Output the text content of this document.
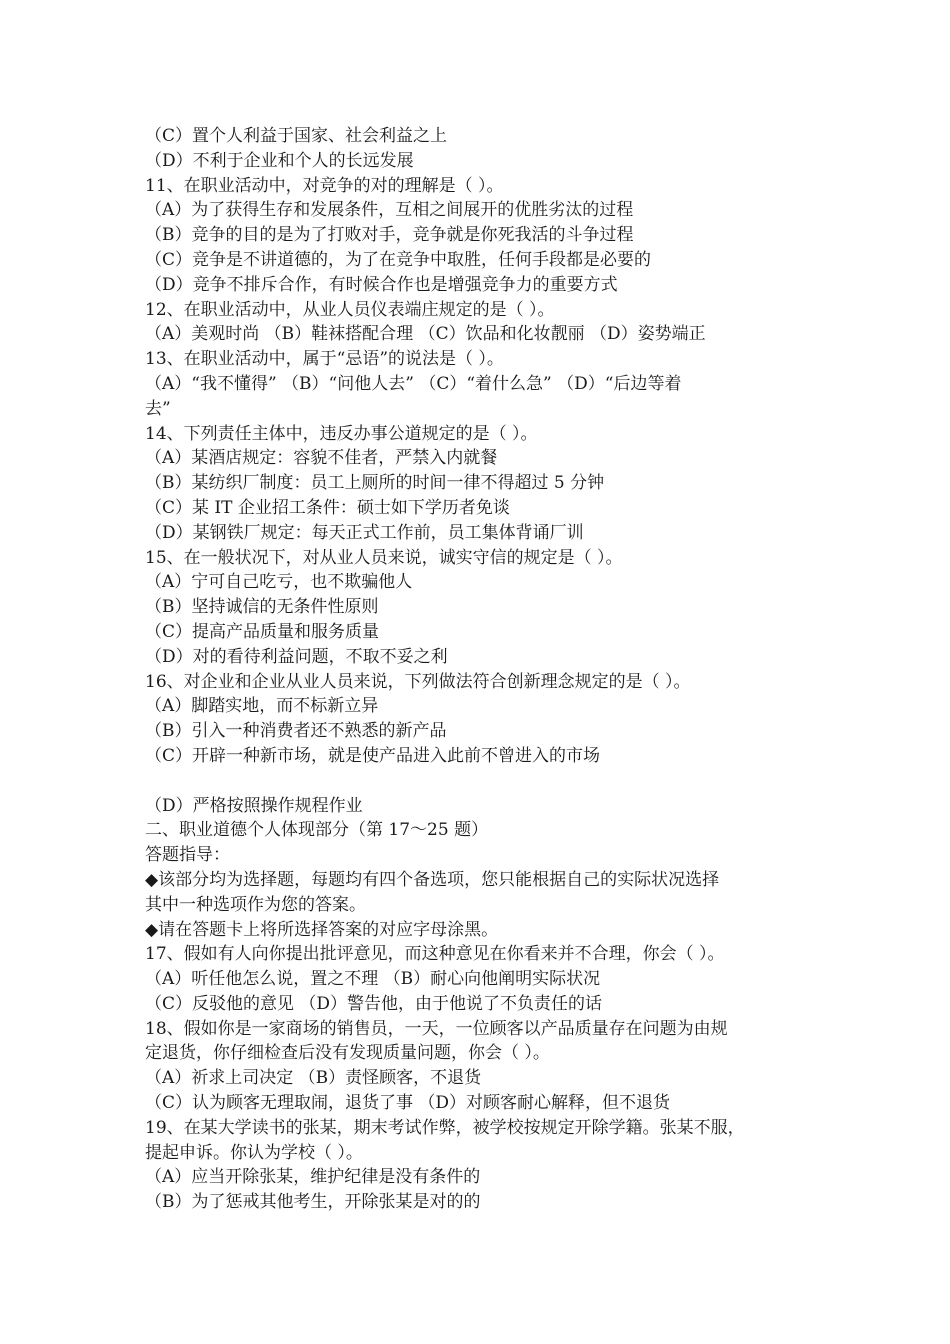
（C）置个人利益于国家、社会利益之上
（D）不利于企业和个人的长远发展
11、在职业活动中，对竞争的对的理解是（ ）。
（A）为了获得生存和发展条件，互相之间展开的优胜劣汰的过程
（B）竞争的目的是为了打败对手，竞争就是你死我活的斗争过程
（C）竞争是不讲道德的，为了在竞争中取胜，任何手段都是必要的
（D）竞争不排斥合作，有时候合作也是增强竞争力的重要方式
12、在职业活动中，从业人员仪表端庄规定的是（ ）。
（A）美观时尚 （B）鞋袜搭配合理 （C）饮品和化妆靓丽 （D）姿势端正
13、在职业活动中，属于“忌语”的说法是（ ）。
（A）“我不懂得” （B）“问他人去” （C）“着什么急” （D）“后边等着
去”
14、下列责任主体中，违反办事公道规定的是（ ）。
（A）某酒店规定：容貌不佳者，严禁入内就餐
（B）某纺织厂制度：员工上厕所的时间一律不得超过 5 分钟
（C）某 IT 企业招工条件：硕士如下学历者免谈
（D）某钢铁厂规定：每天正式工作前，员工集体背诵厂训
15、在一般状况下，对从业人员来说，诚实守信的规定是（ ）。
（A）宁可自己吃亏，也不欺骗他人
（B）坚持诚信的无条件性原则
（C）提高产品质量和服务质量
（D）对的看待利益问题，不取不妥之利
16、对企业和企业从业人员来说，下列做法符合创新理念规定的是（ ）。
（A）脚踏实地，而不标新立异
（B）引入一种消费者还不熟悉的新产品
（C）开辟一种新市场，就是使产品进入此前不曾进入的市场
（D）严格按照操作规程作业
二、职业道德个人体现部分（第 17～25 题）
答题指导：
◆该部分均为选择题，每题均有四个备选项，您只能根据自己的实际状况选择
其中一种选项作为您的答案。
◆请在答题卡上将所选择答案的对应字母涂黑。
17、假如有人向你提出批评意见，而这种意见在你看来并不合理，你会（ ）。
（A）听任他怎么说，置之不理 （B）耐心向他阐明实际状况
（C）反驳他的意见 （D）警告他，由于他说了不负责任的话
18、假如你是一家商场的销售员，一天，一位顾客以产品质量存在问题为由规
定退货，你仔细检查后没有发现质量问题，你会（ ）。
（A）祈求上司决定 （B）责怪顾客，不退货
（C）认为顾客无理取闹，退货了事 （D）对顾客耐心解释，但不退货
19、在某大学读书的张某，期末考试作弊，被学校按规定开除学籍。张某不服，
提起申诉。你认为学校（ ）。
（A）应当开除张某，维护纪律是没有条件的
（B）为了惩戒其他考生，开除张某是对的的
